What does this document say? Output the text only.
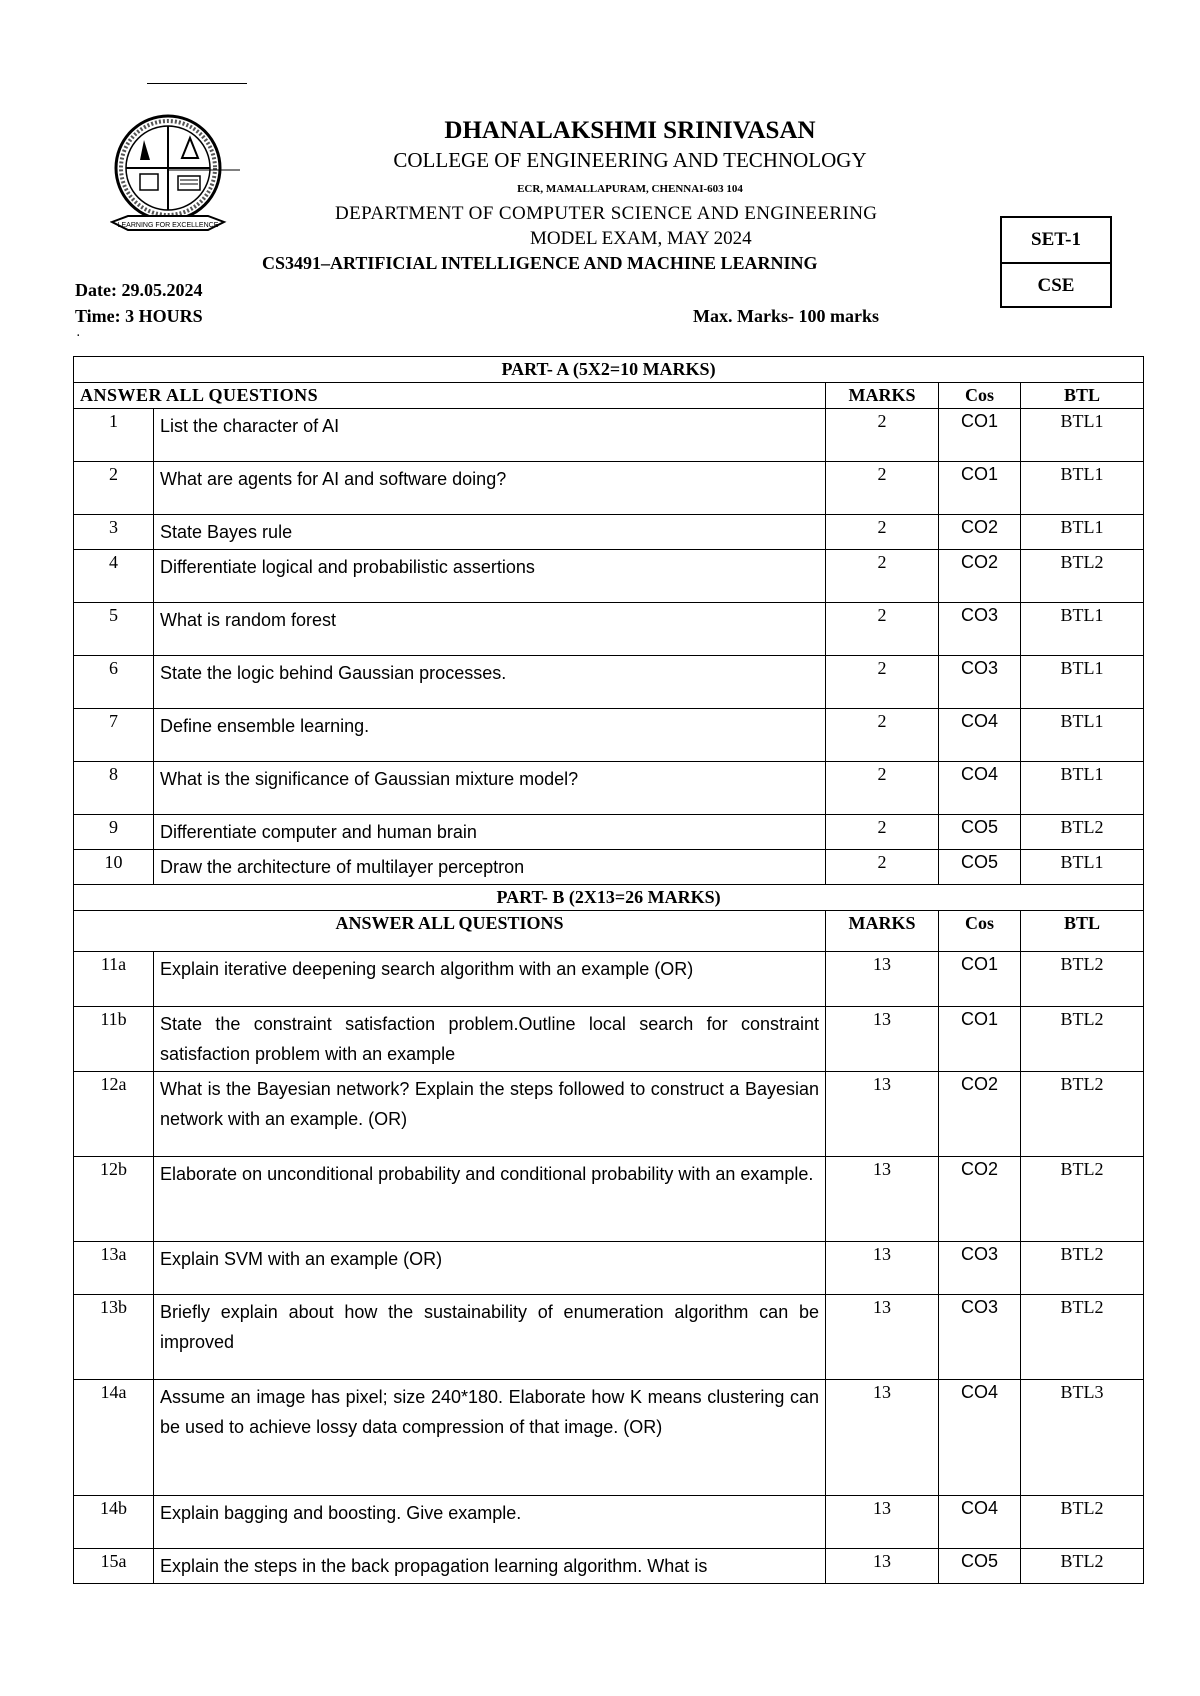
LEARNING FOR EXCELLENCE
DHANALAKSHMI SRINIVASAN
COLLEGE OF ENGINEERING AND TECHNOLOGY
ECR, MAMALLAPURAM, CHENNAI-603 104
DEPARTMENT OF COMPUTER SCIENCE AND ENGINEERING
MODEL EXAM, MAY 2024
CS3491–ARTIFICIAL INTELLIGENCE AND MACHINE LEARNING
Date: 29.05.2024
Time: 3 HOURS	Max. Marks- 100 marks
.
SET-1
CSE
PART- A (5X2=10 MARKS)				
ANSWER ALL QUESTIONS		MARKS	Cos	BTL
1	List the character of AI	2	CO1	BTL1
2	What are agents for AI and software doing?	2	CO1	BTL1
3	State Bayes rule	2	CO2	BTL1
4	Differentiate logical and probabilistic assertions	2	CO2	BTL2
5	What is random forest	2	CO3	BTL1
6	State the logic behind Gaussian processes.	2	CO3	BTL1
7	Define ensemble learning.	2	CO4	BTL1
8	What is the significance of Gaussian mixture model?	2	CO4	BTL1
9	Differentiate computer and human brain	2	CO5	BTL2
10	Draw the architecture of multilayer perceptron	2	CO5	BTL1
PART- B (2X13=26 MARKS)				
ANSWER ALL QUESTIONS		MARKS	Cos	BTL
11a	Explain iterative deepening search algorithm with an example (OR)	13	CO1	BTL2
11b	State the constraint satisfaction problem.Outline local search for constraint satisfaction problem with an example	13	CO1	BTL2
12a	What is the Bayesian network? Explain the steps followed to construct a Bayesian network with an example. (OR)	13	CO2	BTL2
12b	Elaborate on unconditional probability and conditional probability with an example.	13	CO2	BTL2
13a	Explain SVM with an example (OR)	13	CO3	BTL2
13b	Briefly explain about how the sustainability of enumeration algorithm can be improved	13	CO3	BTL2
14a	Assume an image has pixel; size 240*180. Elaborate how K means clustering can be used to achieve lossy data compression of that image. (OR)	13	CO4	BTL3
14b	Explain bagging and boosting. Give example.	13	CO4	BTL2
15a	Explain the steps in the back propagation learning algorithm. What is	13	CO5	BTL2
